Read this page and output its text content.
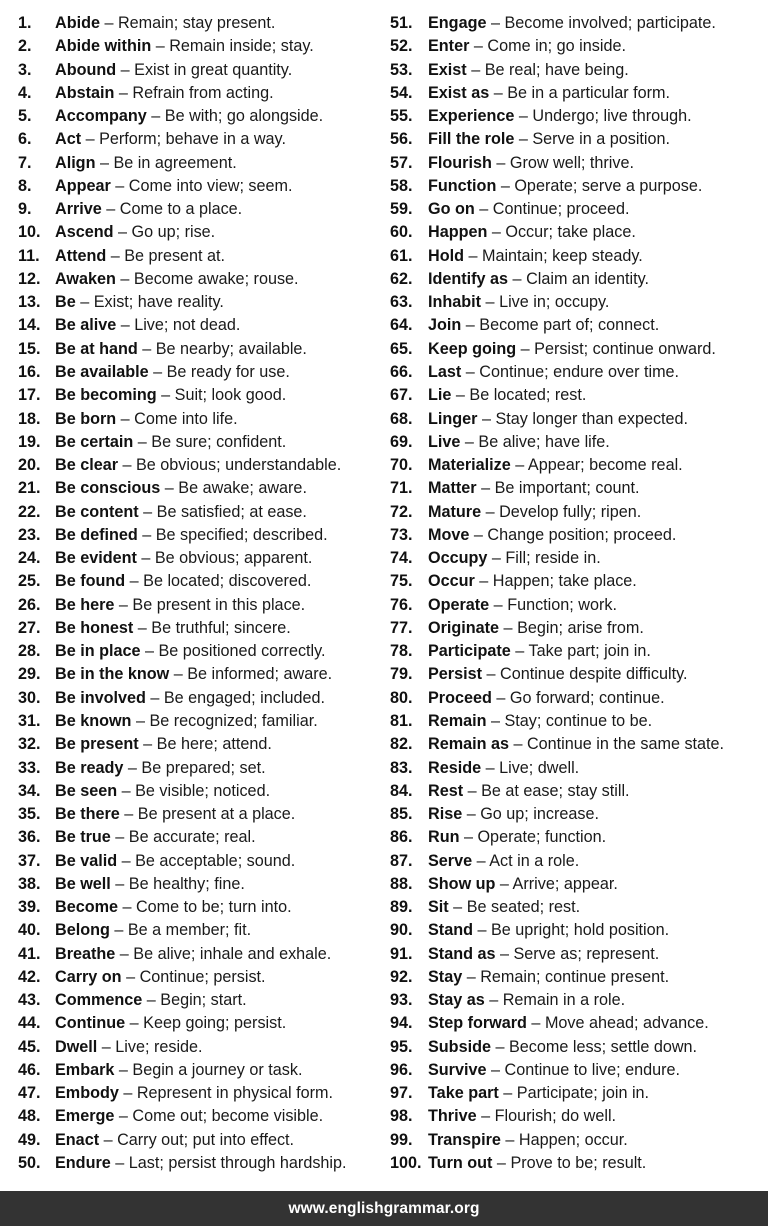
1. Abide – Remain; stay present.
2. Abide within – Remain inside; stay.
3. Abound – Exist in great quantity.
4. Abstain – Refrain from acting.
5. Accompany – Be with; go alongside.
6. Act – Perform; behave in a way.
7. Align – Be in agreement.
8. Appear – Come into view; seem.
9. Arrive – Come to a place.
10. Ascend – Go up; rise.
11. Attend – Be present at.
12. Awaken – Become awake; rouse.
13. Be – Exist; have reality.
14. Be alive – Live; not dead.
15. Be at hand – Be nearby; available.
16. Be available – Be ready for use.
17. Be becoming – Suit; look good.
18. Be born – Come into life.
19. Be certain – Be sure; confident.
20. Be clear – Be obvious; understandable.
21. Be conscious – Be awake; aware.
22. Be content – Be satisfied; at ease.
23. Be defined – Be specified; described.
24. Be evident – Be obvious; apparent.
25. Be found – Be located; discovered.
26. Be here – Be present in this place.
27. Be honest – Be truthful; sincere.
28. Be in place – Be positioned correctly.
29. Be in the know – Be informed; aware.
30. Be involved – Be engaged; included.
31. Be known – Be recognized; familiar.
32. Be present – Be here; attend.
33. Be ready – Be prepared; set.
34. Be seen – Be visible; noticed.
35. Be there – Be present at a place.
36. Be true – Be accurate; real.
37. Be valid – Be acceptable; sound.
38. Be well – Be healthy; fine.
39. Become – Come to be; turn into.
40. Belong – Be a member; fit.
41. Breathe – Be alive; inhale and exhale.
42. Carry on – Continue; persist.
43. Commence – Begin; start.
44. Continue – Keep going; persist.
45. Dwell – Live; reside.
46. Embark – Begin a journey or task.
47. Embody – Represent in physical form.
48. Emerge – Come out; become visible.
49. Enact – Carry out; put into effect.
50. Endure – Last; persist through hardship.
51. Engage – Become involved; participate.
52. Enter – Come in; go inside.
53. Exist – Be real; have being.
54. Exist as – Be in a particular form.
55. Experience – Undergo; live through.
56. Fill the role – Serve in a position.
57. Flourish – Grow well; thrive.
58. Function – Operate; serve a purpose.
59. Go on – Continue; proceed.
60. Happen – Occur; take place.
61. Hold – Maintain; keep steady.
62. Identify as – Claim an identity.
63. Inhabit – Live in; occupy.
64. Join – Become part of; connect.
65. Keep going – Persist; continue onward.
66. Last – Continue; endure over time.
67. Lie – Be located; rest.
68. Linger – Stay longer than expected.
69. Live – Be alive; have life.
70. Materialize – Appear; become real.
71. Matter – Be important; count.
72. Mature – Develop fully; ripen.
73. Move – Change position; proceed.
74. Occupy – Fill; reside in.
75. Occur – Happen; take place.
76. Operate – Function; work.
77. Originate – Begin; arise from.
78. Participate – Take part; join in.
79. Persist – Continue despite difficulty.
80. Proceed – Go forward; continue.
81. Remain – Stay; continue to be.
82. Remain as – Continue in the same state.
83. Reside – Live; dwell.
84. Rest – Be at ease; stay still.
85. Rise – Go up; increase.
86. Run – Operate; function.
87. Serve – Act in a role.
88. Show up – Arrive; appear.
89. Sit – Be seated; rest.
90. Stand – Be upright; hold position.
91. Stand as – Serve as; represent.
92. Stay – Remain; continue present.
93. Stay as – Remain in a role.
94. Step forward – Move ahead; advance.
95. Subside – Become less; settle down.
96. Survive – Continue to live; endure.
97. Take part – Participate; join in.
98. Thrive – Flourish; do well.
99. Transpire – Happen; occur.
100. Turn out – Prove to be; result.
www.englishgrammar.org
